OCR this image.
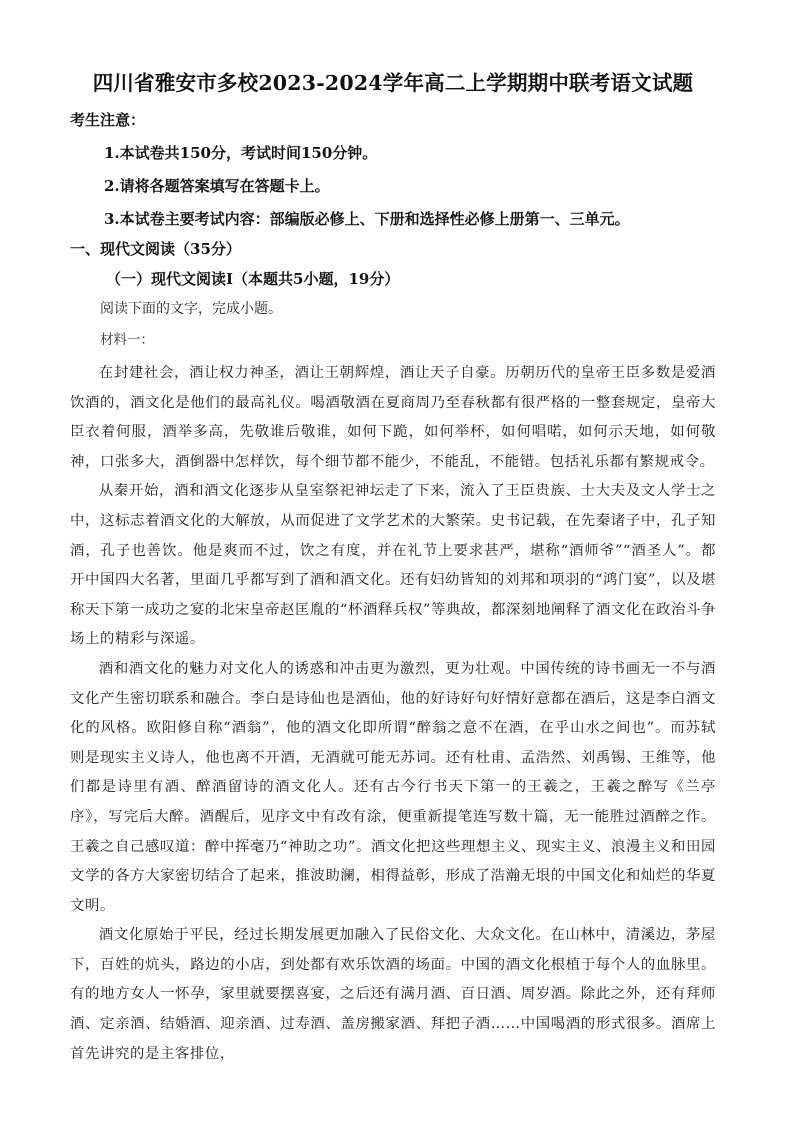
四川省雅安市多校2023-2024学年高二上学期期中联考语文试题
考生注意：
1.本试卷共150分，考试时间150分钟。
2.请将各题答案填写在答题卡上。
3.本试卷主要考试内容：部编版必修上、下册和选择性必修上册第一、三单元。
一、现代文阅读（35分）
（一）现代文阅读Ⅰ（本题共5小题，19分）
阅读下面的文字，完成小题。
材料一：

在封建社会，酒让权力神圣，酒让王朝辉煌，酒让天子自豪。历朝历代的皇帝王臣多数是爱酒饮酒的，酒文化是他们的最高礼仪。喝酒敬酒在夏商周乃至春秋都有很严格的一整套规定，皇帝大臣衣着何服，酒举多高，先敬谁后敬谁，如何下跪，如何举杯，如何唱喏，如何示天地，如何敬神，口张多大，酒倒器中怎样饮，每个细节都不能少，不能乱，不能错。包括礼乐都有繁规戒令。

从秦开始，酒和酒文化逐步从皇室祭祀神坛走了下来，流入了王臣贵族、士大夫及文人学士之中，这标志着酒文化的大解放，从而促进了文学艺术的大繁荣。史书记载，在先秦诸子中，孔子知酒，孔子也善饮。他是爽而不过，饮之有度，并在礼节上要求甚严，堪称“酒师爷”“酒圣人”。都开中国四大名著，里面几乎都写到了酒和酒文化。还有妇幼皆知的刘邦和项羽的“鸿门宴”，以及堪称天下第一成功之宴的北宋皇帝赵匡胤的“杯酒释兵权”等典故，都深刻地阐释了酒文化在政治斗争场上的精彩与深遥。

酒和酒文化的魅力对文化人的诱惑和冲击更为激烈，更为壮观。中国传统的诗书画无一不与酒文化产生密切联系和融合。李白是诗仙也是酒仙，他的好诗好句好情好意都在酒后，这是李白酒文化的风格。欧阳修自称“酒翁”，他的酒文化即所谓“醉翁之意不在酒，在乎山水之间也”。而苏轼则是现实主义诗人，他也离不开酒，无酒就可能无苏词。还有杜甫、孟浩然、刘禹锡、王维等，他们都是诗里有酒、醉酒留诗的酒文化人。还有古今行书天下第一的王羲之，王羲之醉写《兰亭序》，写完后大醉。酒醒后，见序文中有改有涂，便重新提笔连写数十篇，无一能胜过酒醉之作。王羲之自己感叹道：醉中挥毫乃“神助之功”。酒文化把这些理想主义、现实主义、浪漫主义和田园文学的各方大家密切结合了起来，推波助澜，相得益彰，形成了浩瀚无垠的中国文化和灿烂的华夏文明。

酒文化原始于平民，经过长期发展更加融入了民俗文化、大众文化。在山林中，清溪边，茅屋下，百姓的炕头，路边的小店，到处都有欢乐饮酒的场面。中国的酒文化根植于每个人的血脉里。有的地方女人一怀孕，家里就要摆喜宴，之后还有满月酒、百日酒、周岁酒。除此之外，还有拜师酒、定亲酒、结婚酒、迎亲酒、过寿酒、盖房搬家酒、拜把子酒……中国喝酒的形式很多。酒席上首先讲究的是主客排位，
